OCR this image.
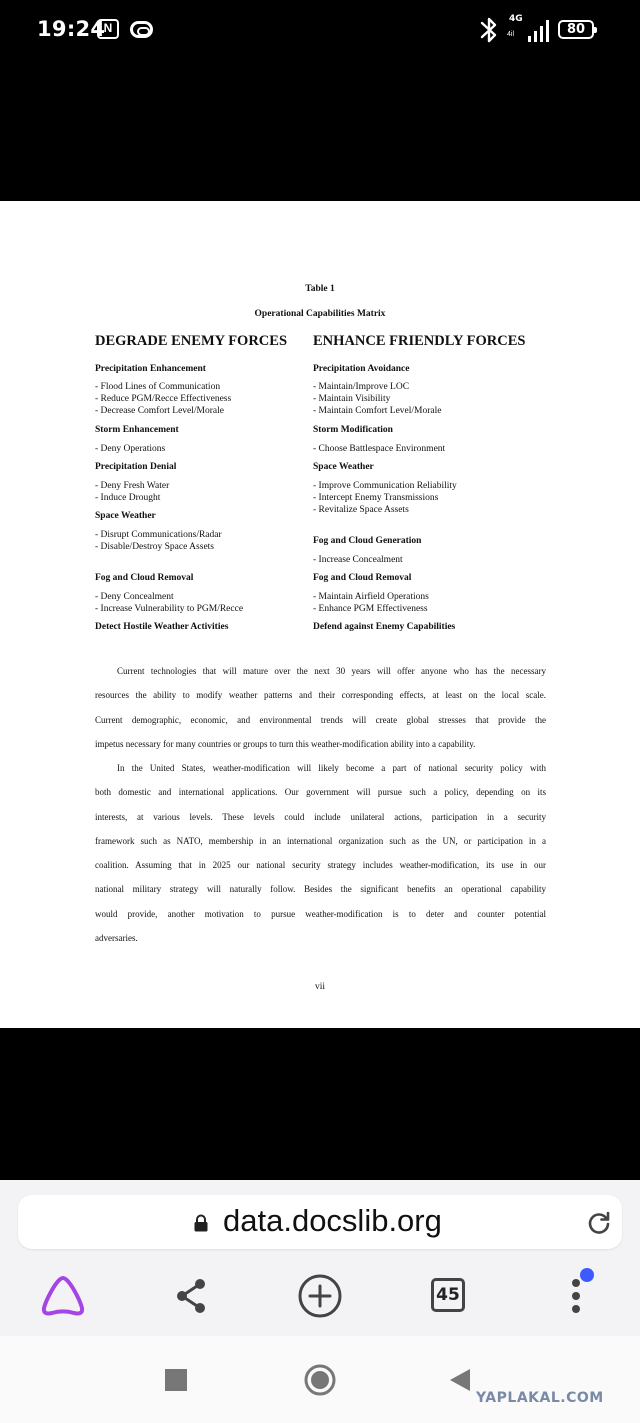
19:24
N
4G
4il	80
Table 1
Operational Capabilities Matrix
DEGRADE ENEMY FORCES ENHANCE FRIENDLY FORCES
Precipitation Enhancement
- Flood Lines of Communication
- Reduce PGM/Recce Effectiveness
- Decrease Comfort Level/Morale
Storm Enhancement
- Deny Operations
Precipitation Denial
- Deny Fresh Water
- Induce Drought
Space Weather
- Disrupt Communications/Radar
- Disable/Destroy Space Assets
Fog and Cloud Removal
- Deny Concealment
- Increase Vulnerability to PGM/Recce
Detect Hostile Weather Activities
Precipitation Avoidance
- Maintain/Improve LOC
- Maintain Visibility
- Maintain Comfort Level/Morale
Storm Modification
- Choose Battlespace Environment
Space Weather
- Improve Communication Reliability
- Intercept Enemy Transmissions
- Revitalize Space Assets
Fog and Cloud Generation
- Increase Concealment
Fog and Cloud Removal
- Maintain Airfield Operations
- Enhance PGM Effectiveness
Defend against Enemy Capabilities
Current technologies that will mature over the next 30 years will offer anyone who has the necessary
resources the ability to modify weather patterns and their corresponding effects, at least on the local scale.
Current demographic, economic, and environmental trends will create global stresses that provide the
impetus necessary for many countries or groups to turn this weather-modification ability into a capability.
In the United States, weather-modification will likely become a part of national security policy with
both domestic and international applications. Our government will pursue such a policy, depending on its
interests, at various levels. These levels could include unilateral actions, participation in a security
framework such as NATO, membership in an international organization such as the UN, or participation in a
coalition. Assuming that in 2025 our national security strategy includes weather-modification, its use in our
national military strategy will naturally follow. Besides the significant benefits an operational capability
would provide, another motivation to pursue weather-modification is to deter and counter potential
adversaries.
vii
data.docslib.org
45
YAPLAKAL.COM
